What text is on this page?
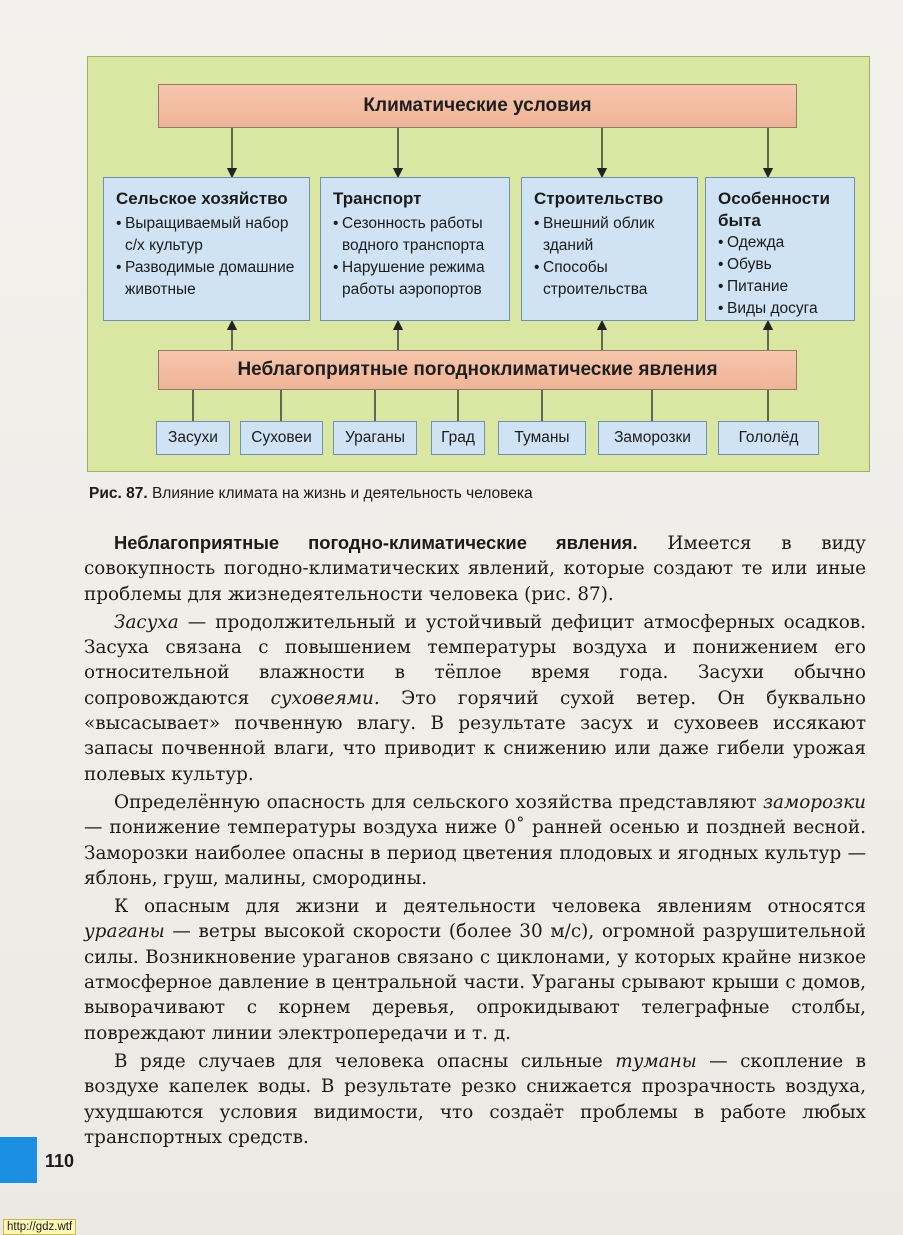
Климатические условия
Сельское хозяйство
• Выращиваемый набор с/х культур
• Разводимые домашние животные
Транспорт
• Сезонность работы водного транспорта
• Нарушение режима работы аэропортов
Строительство
• Внешний облик зданий
• Способы строительства
Особенности быта
• Одежда
• Обувь
• Питание
• Виды досуга
Неблагоприятные погодноклиматические явления
Засухи Суховеи Ураганы Град	Туманы	Заморозки	Гололёд
Рис. 87. Влияние климата на жизнь и деятельность человека

Неблагоприятные погодно-климатические явления. Имеется в виду совокупность погодно-климатических явлений, которые создают те или иные проблемы для жизнедеятельности человека (рис. 87).

Засуха — продолжительный и устойчивый дефицит атмосферных осадков. Засуха связана с повышением температуры воздуха и понижением его относительной влажности в тёплое время года. Засухи обычно сопровождаются суховеями. Это горячий сухой ветер. Он буквально «высасывает» почвенную влагу. В результате засух и суховеев иссякают запасы почвенной влаги, что приводит к снижению или даже гибели урожая полевых культур.

Определённую опасность для сельского хозяйства представляют заморозки — понижение температуры воздуха ниже 0˚ ранней осенью и поздней весной. Заморозки наиболее опасны в период цветения плодовых и ягодных культур — яблонь, груш, малины, смородины.

К опасным для жизни и деятельности человека явлениям относятся ураганы — ветры высокой скорости (более 30 м/с), огромной разрушительной силы. Возникновение ураганов связано с циклонами, у которых крайне низкое атмосферное давление в центральной части. Ураганы срывают крыши с домов, выворачивают с корнем деревья, опрокидывают телеграфные столбы, повреждают линии электропередачи и т. д.

В ряде случаев для человека опасны сильные туманы — скопление в воздухе капелек воды. В результате резко снижается прозрачность воздуха, ухудшаются условия видимости, что создаёт проблемы в работе любых транспортных средств.

110
http://gdz.wtf
